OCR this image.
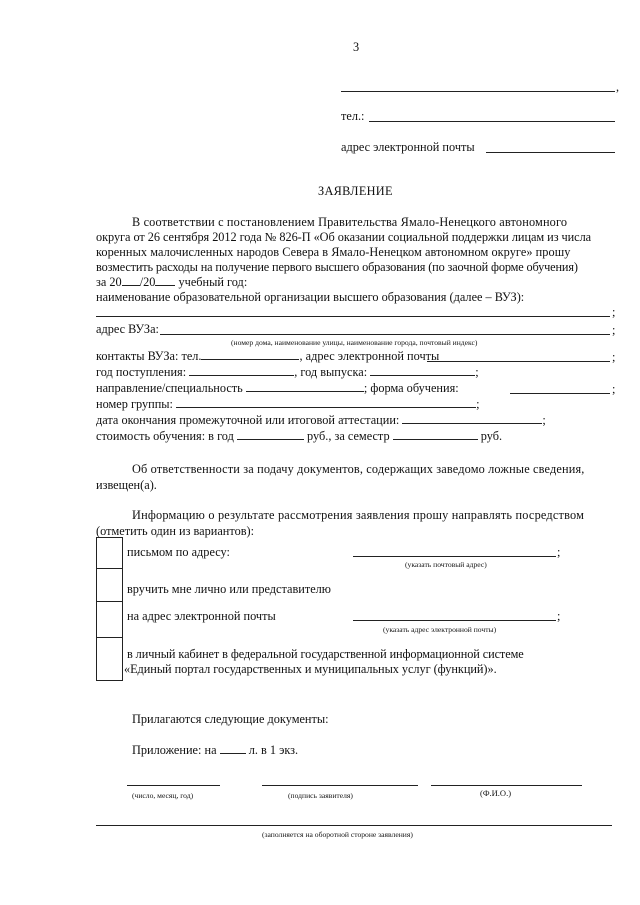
3
,
тел.:
адрес электронной почты
ЗАЯВЛЕНИЕ
В соответствии с постановлением Правительства Ямало-Ненецкого автономного
округа от 26 сентября 2012 года № 826-П «Об оказании социальной поддержки лицам из числа
коренных малочисленных народов Севера в Ямало-Ненецком автономном округе» прошу
возместить расходы на получение первого высшего образования (по заочной форме обучения)
за 20 /20 учебный год:
наименование образовательной организации высшего образования (далее – ВУЗ):
;
адрес ВУЗа:	;
(номер дома, наименование улицы, наименование города, почтовый индекс)
контакты ВУЗа: тел.	, адрес электронной почты	;
год поступления:	, год выпуска:	;
направление/специальность	; форма обучения:	;
номер группы:	;
дата окончания промежуточной или итоговой аттестации:	;
стоимость обучения: в год	руб., за семестр	руб.
Об ответственности за подачу документов, содержащих заведомо ложные сведения,
извещен(а).
Информацию о результате рассмотрения заявления прошу направлять посредством
(отметить один из вариантов):
письмом по адресу:	;
(указать почтовый адрес)
вручить мне лично или представителю
на адрес электронной почты	;
(указать адрес электронной почты)
в личный кабинет в федеральной государственной информационной системе
«Единый портал государственных и муниципальных услуг (функций)».
Прилагаются следующие документы:
Приложение: на	л. в 1 экз.
(число, месяц, год)	(подпись заявителя)	(Ф.И.О.)
(заполняется на оборотной стороне заявления)
